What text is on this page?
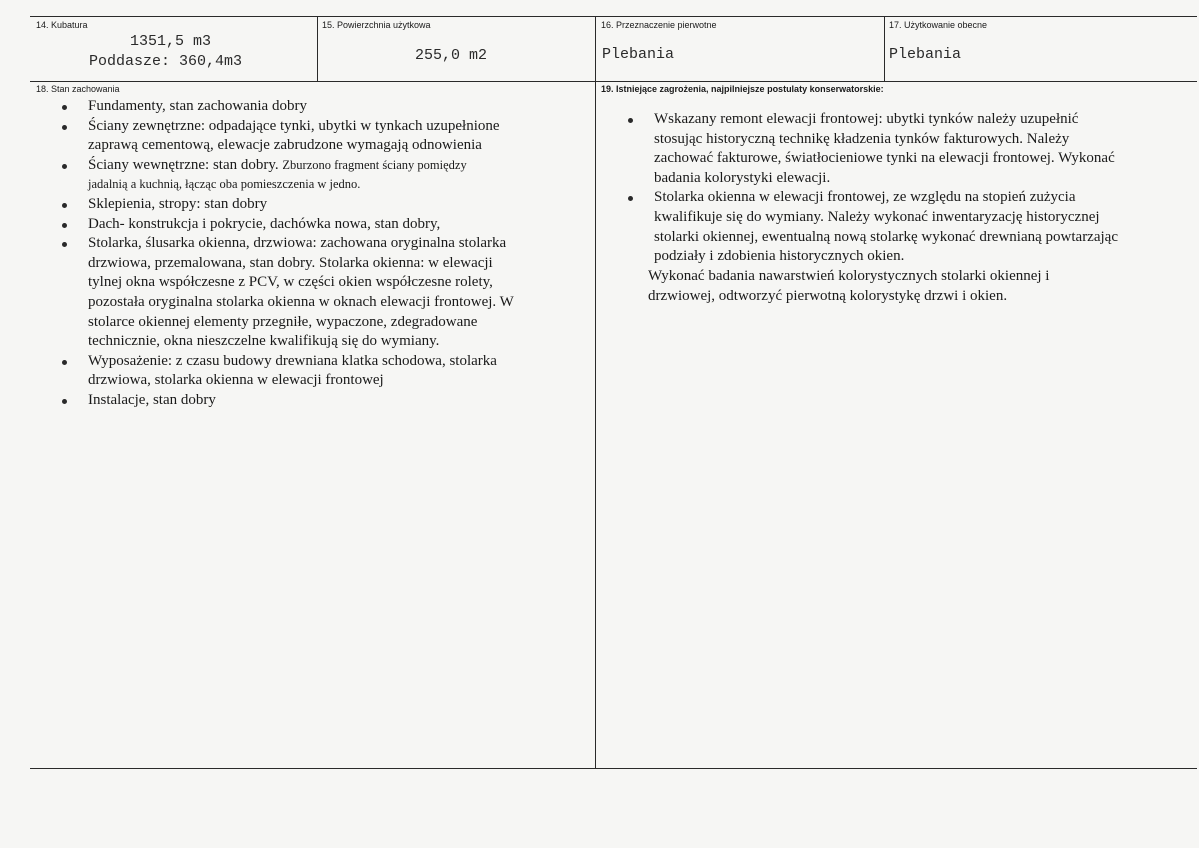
14. Kubatura
1351,5 m3
Poddasze: 360,4m3
15. Powierzchnia użytkowa
255,0 m2
16. Przeznaczenie pierwotne
Plebania
17. Użytkowanie obecne
Plebania
18. Stan zachowania
Fundamenty, stan zachowania dobry
Ściany zewnętrzne: odpadające tynki, ubytki w tynkach uzupełnione
zaprawą cementową, elewacje zabrudzone wymagają odnowienia
Ściany wewnętrzne: stan dobry. Zburzono fragment ściany pomiędzy
jadalnią a kuchnią, łącząc oba pomieszczenia w jedno.
Sklepienia, stropy: stan dobry
Dach- konstrukcja i pokrycie, dachówka nowa, stan dobry,
Stolarka, ślusarka okienna, drzwiowa: zachowana oryginalna stolarka
drzwiowa, przemalowana, stan dobry. Stolarka okienna: w elewacji
tylnej okna współczesne z PCV, w części okien współczesne rolety,
pozostała oryginalna stolarka okienna w oknach elewacji frontowej. W
stolarce okiennej elementy przegniłe, wypaczone, zdegradowane
technicznie, okna nieszczelne kwalifikują się do wymiany.
Wyposażenie: z czasu budowy drewniana klatka schodowa, stolarka
drzwiowa, stolarka okienna w elewacji frontowej
Instalacje, stan dobry
19. Istniejące zagrożenia, najpilniejsze postulaty konserwatorskie:
Wskazany remont elewacji frontowej: ubytki tynków należy uzupełnić
stosując historyczną technikę kładzenia tynków fakturowych. Należy
zachować fakturowe, światłocieniowe tynki na elewacji frontowej. Wykonać
badania kolorystyki elewacji.
Stolarka okienna w elewacji frontowej, ze względu na stopień zużycia
kwalifikuje się do wymiany. Należy wykonać inwentaryzację historycznej
stolarki okiennej, ewentualną nową stolarkę wykonać drewnianą powtarzając
podziały i zdobienia historycznych okien.
Wykonać badania nawarstwień kolorystycznych stolarki okiennej i
drzwiowej, odtworzyć pierwotną kolorystykę drzwi i okien.
